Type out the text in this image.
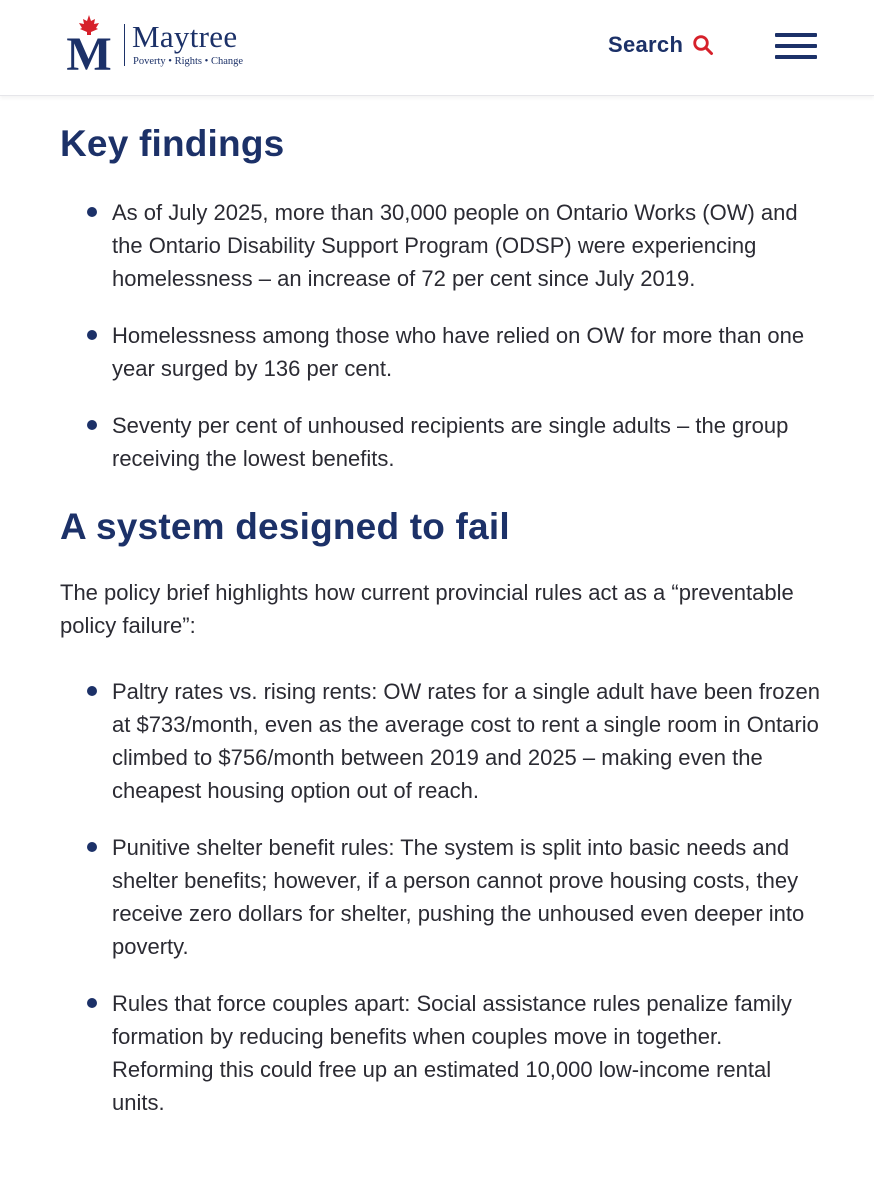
M Maytree
Poverty • Rights • Change
Search
Key findings
As of July 2025, more than 30,000 people on Ontario Works (OW) and the Ontario Disability Support Program (ODSP) were experiencing homelessness – an increase of 72 per cent since July 2019.
Homelessness among those who have relied on OW for more than one year surged by 136 per cent.
Seventy per cent of unhoused recipients are single adults – the group receiving the lowest benefits.
A system designed to fail

The policy brief highlights how current provincial rules act as a “preventable policy failure”:

Paltry rates vs. rising rents: OW rates for a single adult have been frozen at $733/month, even as the average cost to rent a single room in Ontario climbed to $756/month between 2019 and 2025 – making even the cheapest housing option out of reach.
Punitive shelter benefit rules: The system is split into basic needs and shelter benefits; however, if a person cannot prove housing costs, they receive zero dollars for shelter, pushing the unhoused even deeper into poverty.
Rules that force couples apart: Social assistance rules penalize family formation by reducing benefits when couples move in together. Reforming this could free up an estimated 10,000 low-income rental units.
